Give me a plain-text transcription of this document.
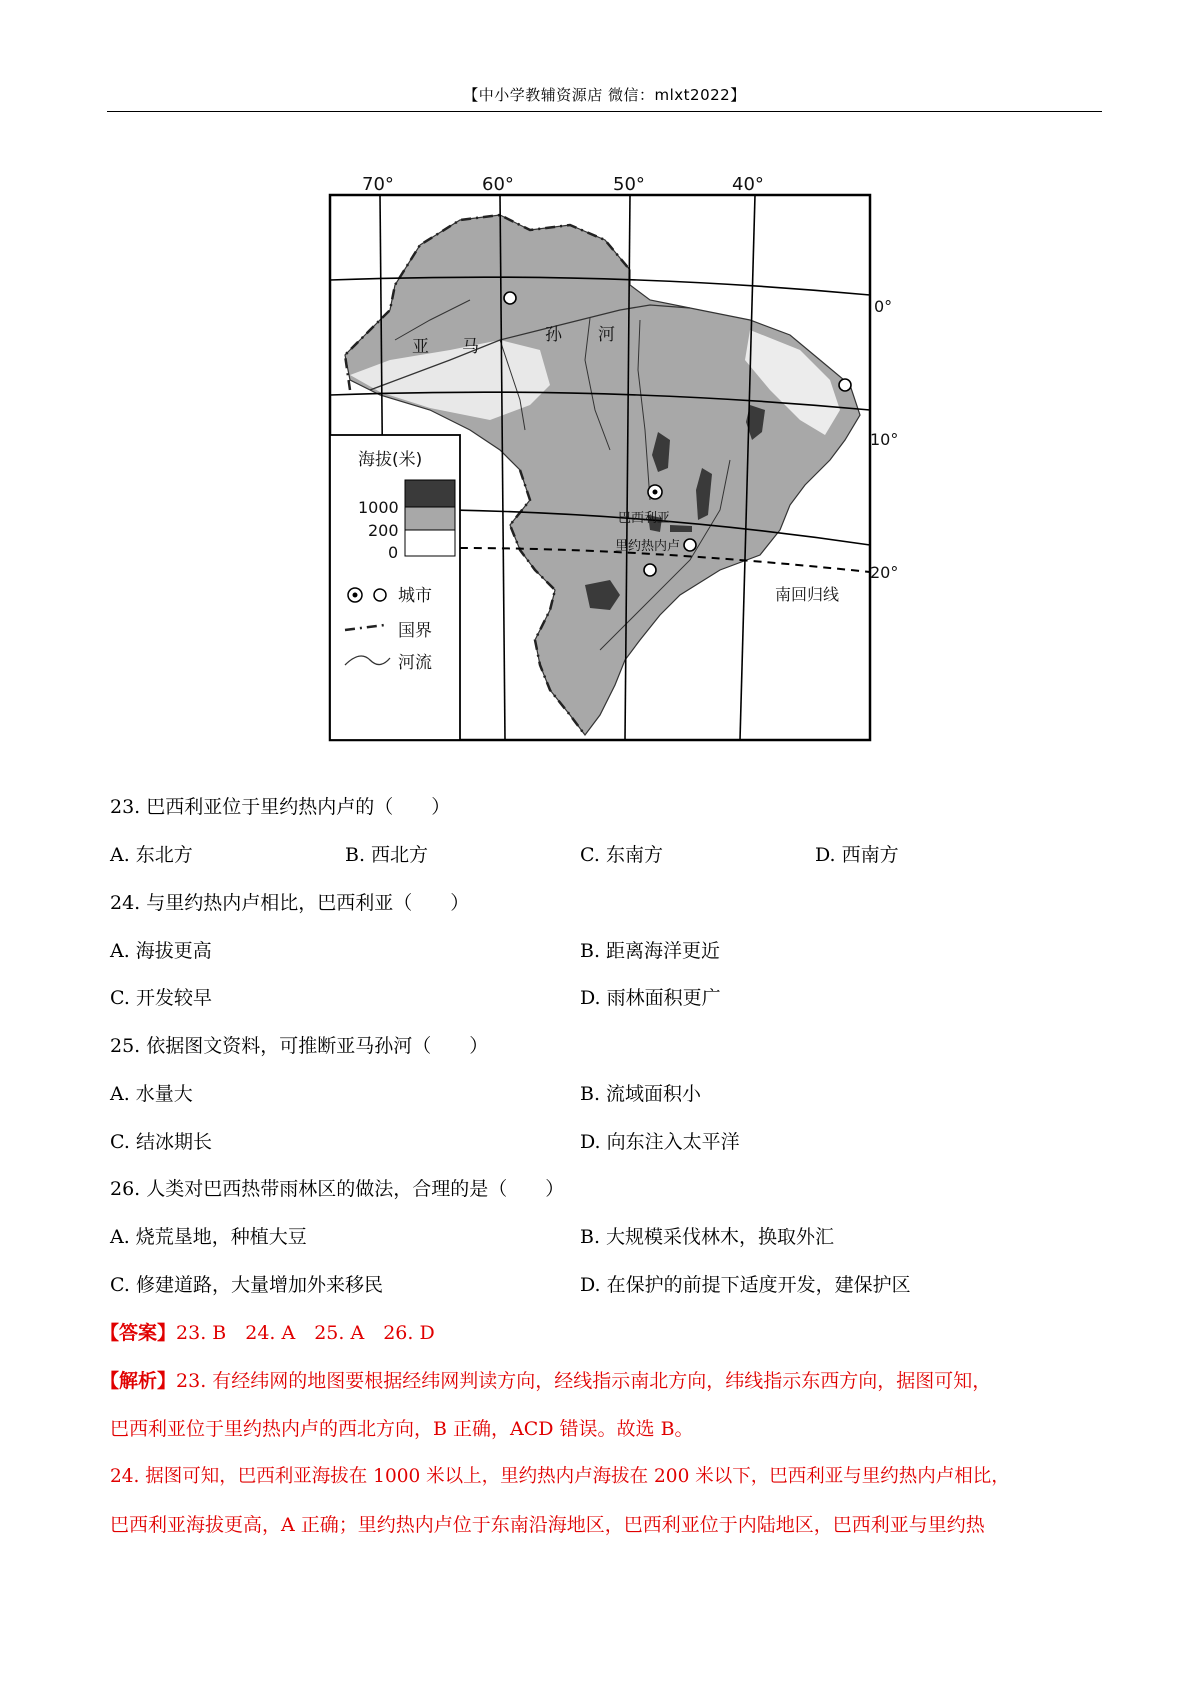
【中小学教辅资源店 微信：mlxt2022】
70°	60°	50°	40°
0°
10°
20°
亚 马
孙 河
巴西利亚
里约热内卢
南回归线
海拔(米)
1000
200
0
城市
国界
河流
23. 巴西利亚位于里约热内卢的（　　）
A. 东北方	B. 西北方	C. 东南方	D. 西南方
24. 与里约热内卢相比，巴西利亚（　　）
A. 海拔更高	B. 距离海洋更近
C. 开发较早	D. 雨林面积更广
25. 依据图文资料，可推断亚马孙河（　　）
A. 水量大	B. 流域面积小
C. 结冰期长	D. 向东注入太平洋
26. 人类对巴西热带雨林区的做法，合理的是（　　）
A. 烧荒垦地，种植大豆	B. 大规模采伐林木，换取外汇
C. 修建道路，大量增加外来移民	D. 在保护的前提下适度开发，建保护区
【答案】23. B　24. A　25. A　26. D
【解析】23. 有经纬网的地图要根据经纬网判读方向，经线指示南北方向，纬线指示东西方向，据图可知，
巴西利亚位于里约热内卢的西北方向，B 正确，ACD 错误。故选 B。
24. 据图可知，巴西利亚海拔在 1000 米以上，里约热内卢海拔在 200 米以下，巴西利亚与里约热内卢相比，
巴西利亚海拔更高，A 正确；里约热内卢位于东南沿海地区，巴西利亚位于内陆地区，巴西利亚与里约热
